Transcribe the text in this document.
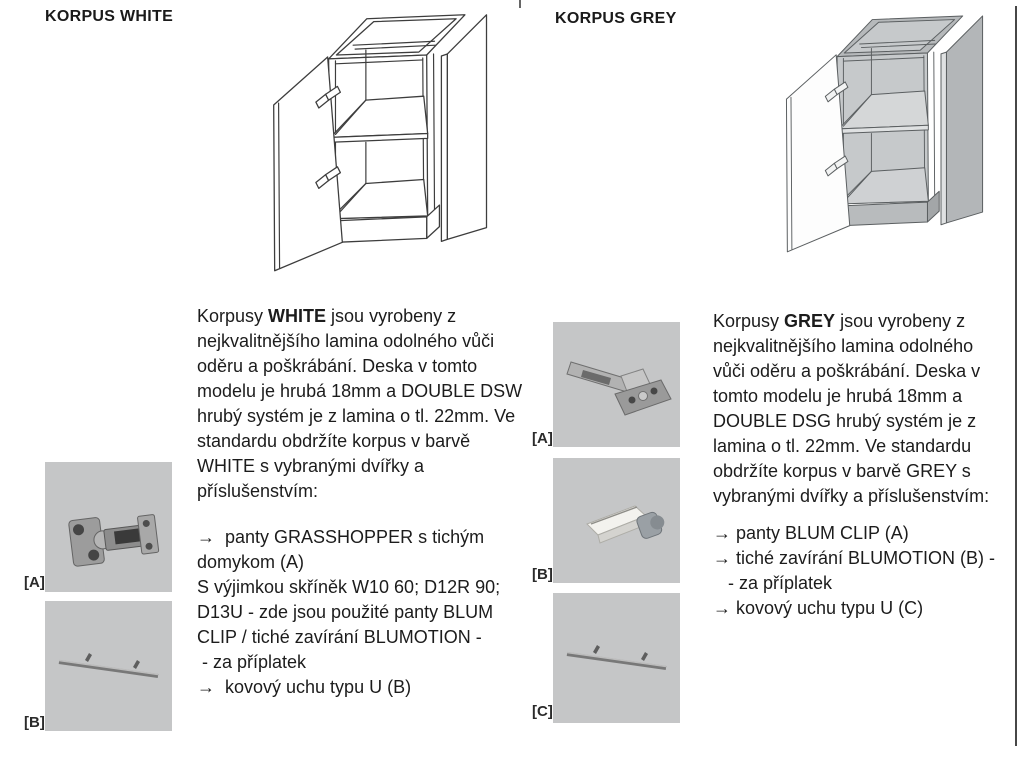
KORPUS WHITE
Korpusy WHITE jsou vyrobeny z
nejkvalitnějšího lamina odolného vůči
oděru a poškrábání. Deska v tomto
modelu je hrubá 18mm a DOUBLE DSW
hrubý systém je z lamina o tl. 22mm. Ve
standardu obdržíte korpus v barvě
WHITE s vybranými dvířky a
příslušenstvím:
→  panty GRASSHOPPER s tichým
domykom (A)
S výjimkou skříněk W10 60; D12R 90;
D13U - zde jsou použité panty BLUM
CLIP / tiché zavírání BLUMOTION -
- za příplatek
→  kovový uchu typu U (B)
[A]
[B]
KORPUS GREY
[A]
[B]
[C]
Korpusy GREY jsou vyrobeny z
nejkvalitnějšího lamina odolného
vůči oděru a poškrábání. Deska v
tomto modelu je hrubá 18mm a
DOUBLE DSG hrubý systém je z
lamina o tl. 22mm. Ve standardu
obdržíte korpus v barvě GREY s
vybranými dvířky a příslušenstvím:
→ panty BLUM CLIP (A)
→ tiché zavírání BLUMOTION (B) -
- za příplatek
→ kovový uchu typu U (C)
